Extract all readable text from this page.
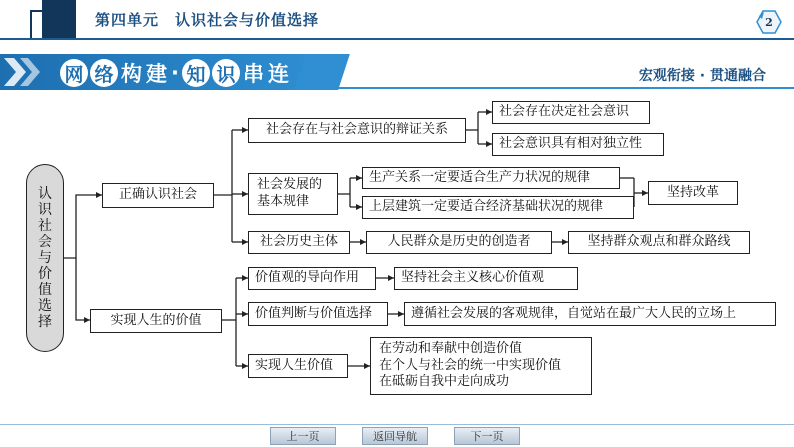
第四单元　认识社会与价值选择	2
网 络 构 建 · 知 识 串 连	宏观衔接 · 贯通融合
认
识
社
会
与
价
值
选
择
正确认识社会
社会存在与社会意识的辩证关系
社会存在决定社会意识
社会意识具有相对独立性
社会发展的
基本规律
生产关系一定要适合生产力状况的规律
上层建筑一定要适合经济基础状况的规律
坚持改革
社会历史主体	人民群众是历史的创造者	坚持群众观点和群众路线
实现人生的价值
价值观的导向作用	坚持社会主义核心价值观
价值判断与价值选择	遵循社会发展的客观规律，自觉站在最广大人民的立场上
实现人生价值
在劳动和奉献中创造价值
在个人与社会的统一中实现价值
在砥砺自我中走向成功
上一页	返回导航	下一页
